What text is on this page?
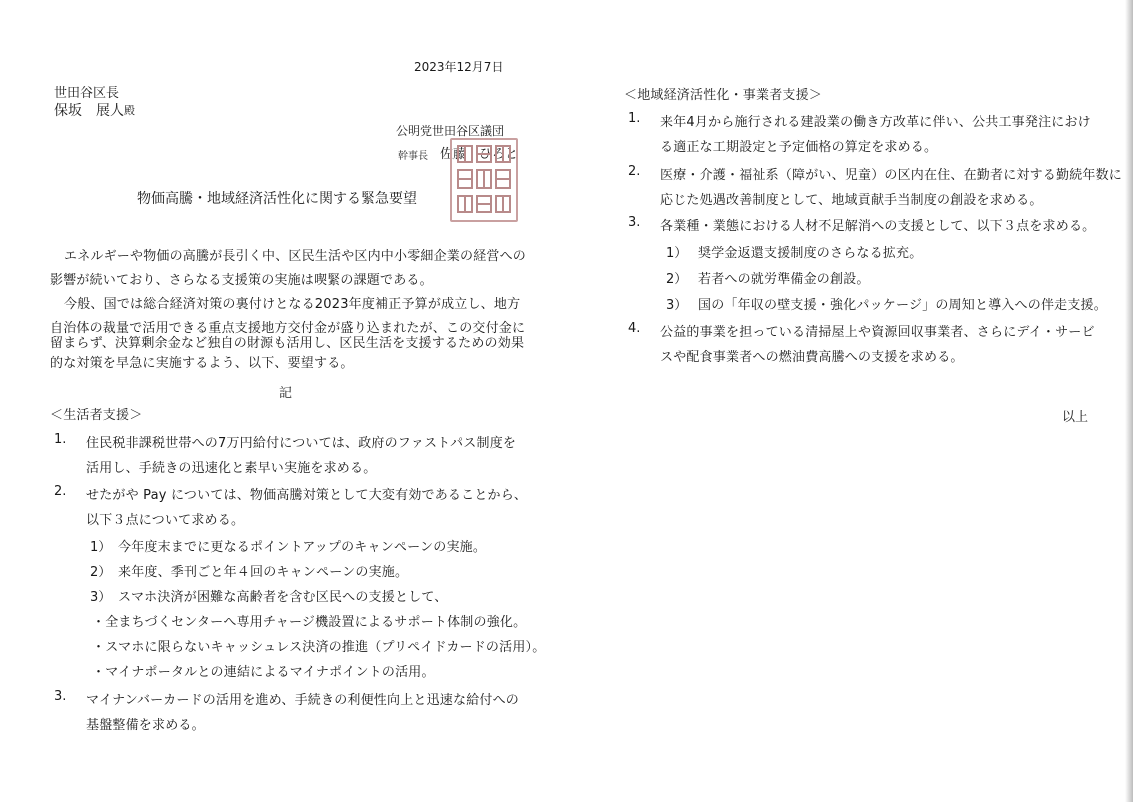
2023年12月7日
世田谷区長
保坂　展人 殿
公明党世田谷区議団
幹事長 佐藤　ひろと
物価高騰・地域経済活性化に関する緊急要望
エネルギーや物価の高騰が長引く中、区民生活や区内中小零細企業の経営への
影響が続いており、さらなる支援策の実施は喫緊の課題である。
今般、国では総合経済対策の裏付けとなる2023年度補正予算が成立し、地方
自治体の裁量で活用できる重点支援地方交付金が盛り込まれたが、この交付金に
留まらず、決算剰余金など独自の財源も活用し、区民生活を支援するための効果
的な対策を早急に実施するよう、以下、要望する。
記
＜生活者支援＞
1. 住民税非課税世帯への7万円給付については、政府のファストパス制度を
活用し、手続きの迅速化と素早い実施を求める。
2. せたがや Pay については、物価高騰対策として大変有効であることから、
以下３点について求める。
1） 今年度末までに更なるポイントアップのキャンペーンの実施。
2） 来年度、季刊ごと年４回のキャンペーンの実施。
3） スマホ決済が困難な高齢者を含む区民への支援として、
・全まちづくセンターへ専用チャージ機設置によるサポート体制の強化。
・スマホに限らないキャッシュレス決済の推進（プリペイドカードの活用）。
・マイナポータルとの連結によるマイナポイントの活用。
3. マイナンバーカードの活用を進め、手続きの利便性向上と迅速な給付への
基盤整備を求める。
＜地域経済活性化・事業者支援＞
1. 来年4月から施行される建設業の働き方改革に伴い、公共工事発注におけ
る適正な工期設定と予定価格の算定を求める。
2. 医療・介護・福祉系（障がい、児童）の区内在住、在勤者に対する勤続年数に
応じた処遇改善制度として、地域貢献手当制度の創設を求める。
3. 各業種・業態における人材不足解消への支援として、以下３点を求める。
1） 奨学金返還支援制度のさらなる拡充。
2） 若者への就労準備金の創設。
3） 国の「年収の壁支援・強化パッケージ」の周知と導入への伴走支援。
4. 公益的事業を担っている清掃屋上や資源回収事業者、さらにデイ・サービ
スや配食事業者への燃油費高騰への支援を求める。
以上
